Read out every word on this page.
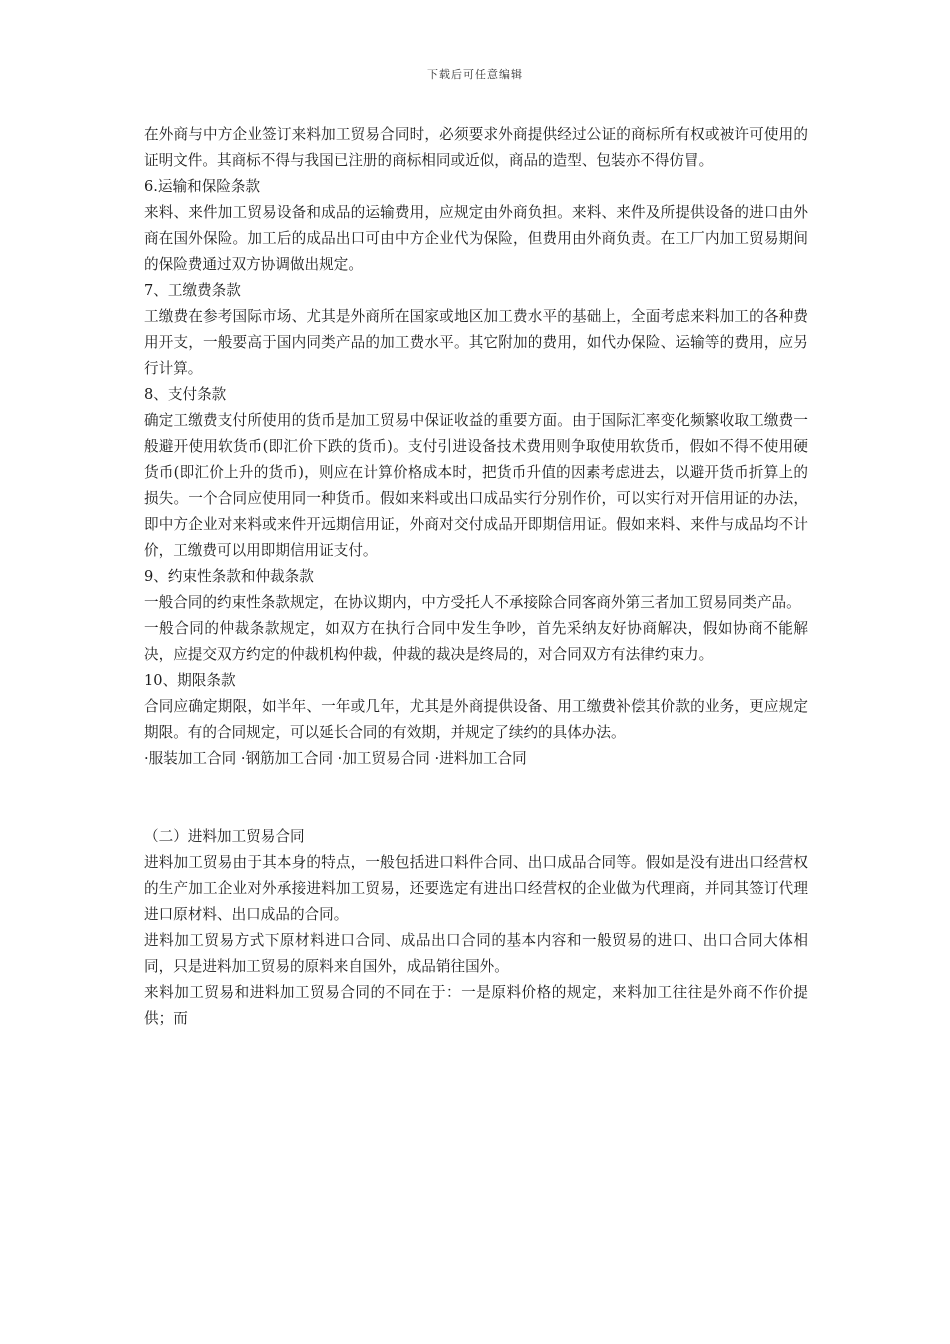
下载后可任意编辑

在外商与中方企业签订来料加工贸易合同时，必须要求外商提供经过公证的商标所有权或被许可使用的证明文件。其商标不得与我国已注册的商标相同或近似，商品的造型、包装亦不得仿冒。

6.运输和保险条款

来料、来件加工贸易设备和成品的运输费用，应规定由外商负担。来料、来件及所提供设备的进口由外商在国外保险。加工后的成品出口可由中方企业代为保险，但费用由外商负责。在工厂内加工贸易期间的保险费通过双方协调做出规定。

7、工缴费条款

工缴费在参考国际市场、尤其是外商所在国家或地区加工费水平的基础上，全面考虑来料加工的各种费用开支，一般要高于国内同类产品的加工费水平。其它附加的费用，如代办保险、运输等的费用，应另行计算。

8、支付条款

确定工缴费支付所使用的货币是加工贸易中保证收益的重要方面。由于国际汇率变化频繁收取工缴费一般避开使用软货币(即汇价下跌的货币)。支付引进设备技术费用则争取使用软货币，假如不得不使用硬货币(即汇价上升的货币)，则应在计算价格成本时，把货币升值的因素考虑进去，以避开货币折算上的损失。一个合同应使用同一种货币。假如来料或出口成品实行分别作价，可以实行对开信用证的办法，即中方企业对来料或来件开远期信用证，外商对交付成品开即期信用证。假如来料、来件与成品均不计价，工缴费可以用即期信用证支付。

9、约束性条款和仲裁条款

一般合同的约束性条款规定，在协议期内，中方受托人不承接除合同客商外第三者加工贸易同类产品。

一般合同的仲裁条款规定，如双方在执行合同中发生争吵，首先采纳友好协商解决，假如协商不能解决，应提交双方约定的仲裁机构仲裁，仲裁的裁决是终局的，对合同双方有法律约束力。

10、期限条款

合同应确定期限，如半年、一年或几年，尤其是外商提供设备、用工缴费补偿其价款的业务，更应规定期限。有的合同规定，可以延长合同的有效期，并规定了续约的具体办法。

·服装加工合同 ·钢筋加工合同 ·加工贸易合同 ·进料加工合同

（二）进料加工贸易合同

进料加工贸易由于其本身的特点，一般包括进口料件合同、出口成品合同等。假如是没有进出口经营权的生产加工企业对外承接进料加工贸易，还要选定有进出口经营权的企业做为代理商，并同其签订代理进口原材料、出口成品的合同。

进料加工贸易方式下原材料进口合同、成品出口合同的基本内容和一般贸易的进口、出口合同大体相同，只是进料加工贸易的原料来自国外，成品销往国外。

来料加工贸易和进料加工贸易合同的不同在于：一是原料价格的规定，来料加工往往是外商不作价提供；而
